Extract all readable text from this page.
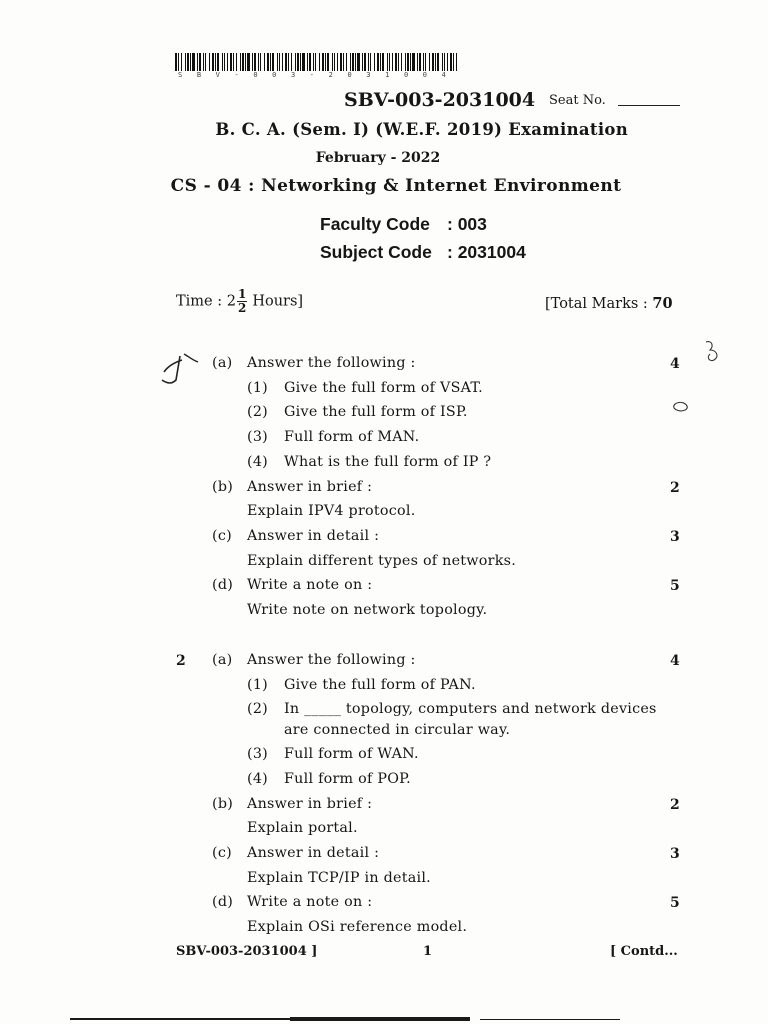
S B V - 0 0 3 - 2 0 3 1 0 0 4
SBV-003-2031004 Seat No.
B. C. A. (Sem. I) (W.E.F. 2019) Examination
February - 2022
CS - 04 : Networking & Internet Environment
Faculty Code : 003
Subject Code : 2031004
Time : $2 \frac{1}{2}$ Hours]	[Total Marks : 70
(a) Answer the following :	4
(1) Give the full form of VSAT.
(2) Give the full form of ISP.
(3) Full form of MAN.
(4) What is the full form of IP ?
(b) Answer in brief :	2
Explain IPV4 protocol.
(c) Answer in detail :	3
Explain different types of networks.
(d) Write a note on :	5
Write note on network topology.
2 (a) Answer the following :	4
(1) Give the full form of PAN.
(2) In _____ topology, computers and network devices
are connected in circular way.
(3) Full form of WAN.
(4) Full form of POP.
(b) Answer in brief :	2
Explain portal.
(c) Answer in detail :	3
Explain TCP/IP in detail.
(d) Write a note on :	5
Explain OSi reference model.
SBV-003-2031004 ]	1	[ Contd...
